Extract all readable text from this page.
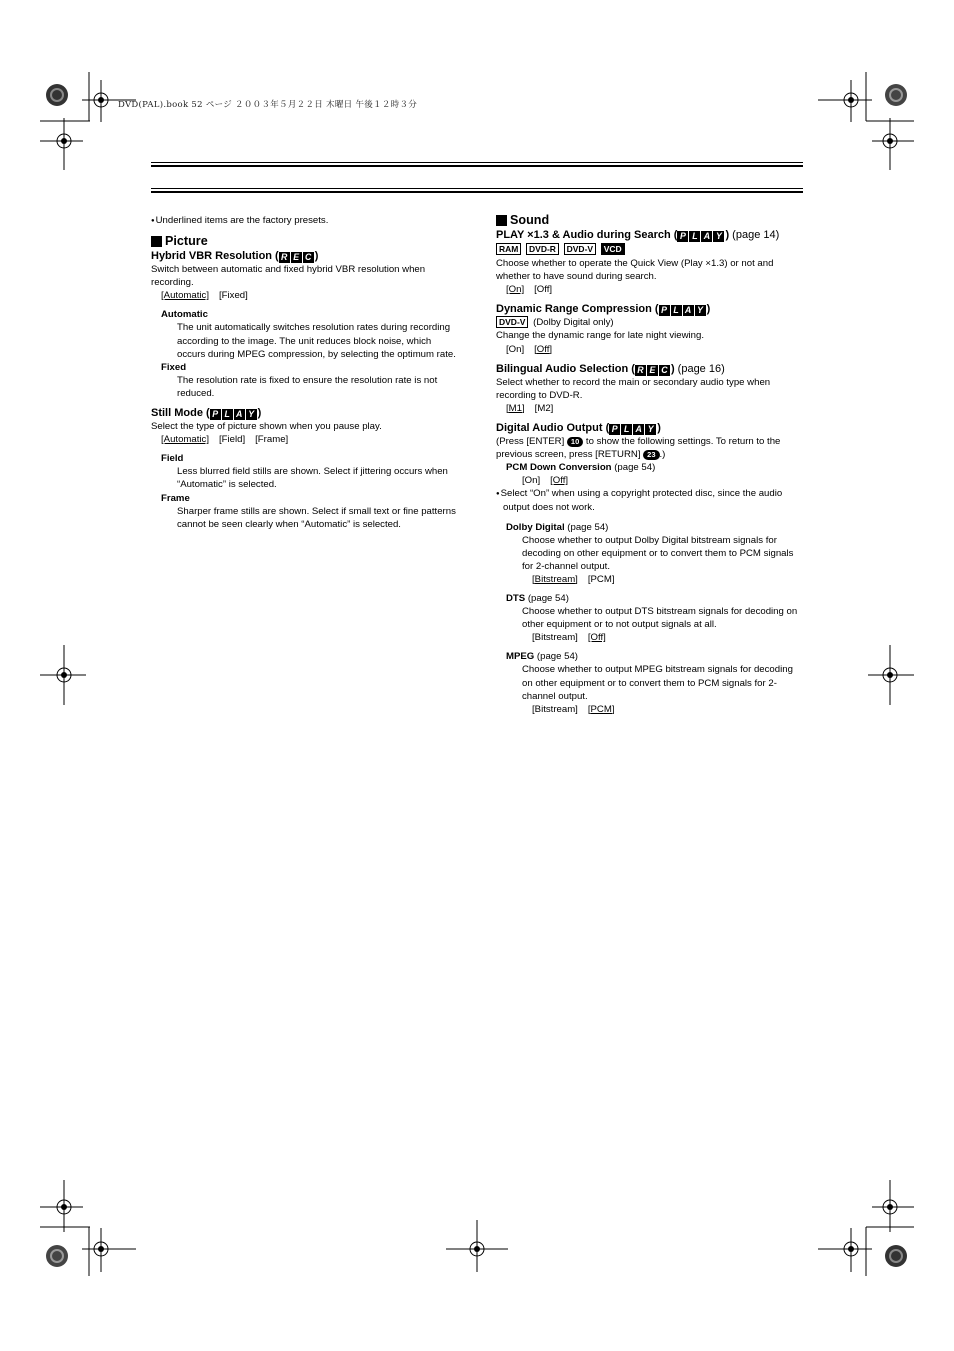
DVD(PAL).book 52 ページ ２００３年５月２２日 木曜日 午後１２時３分
● Underlined items are the factory presets.
Picture
Hybrid VBR Resolution ( R E C )

Switch between automatic and fixed hybrid VBR resolution when recording.

[Automatic] [Fixed]

Automatic

The unit automatically switches resolution rates during recording according to the image. The unit reduces block noise, which occurs during MPEG compression, by selecting the optimum rate.

Fixed

The resolution rate is fixed to ensure the resolution rate is not reduced.

Still Mode ( P L A Y )

Select the type of picture shown when you pause play.

[Automatic] [Field] [Frame]

Field

Less blurred field stills are shown. Select if jittering occurs when “Automatic” is selected.

Frame

Sharper frame stills are shown. Select if small text or fine patterns cannot be seen clearly when “Automatic” is selected.

Sound
PLAY ×1.3 & Audio during Search ( P L A Y ) (page 14)
RAM DVD-R DVD-V VCD

Choose whether to operate the Quick View (Play ×1.3) or not and whether to have sound during search.

[On] [Off]

Dynamic Range Compression ( P L A Y )

DVD-V (Dolby Digital only)

Change the dynamic range for late night viewing.

[On] [Off]

Bilingual Audio Selection ( R E C ) (page 16)

Select whether to record the main or secondary audio type when recording to DVD-R.

[M1] [M2]

Digital Audio Output ( P L A Y )

(Press [ENTER] 10 to show the following settings. To return to the previous screen, press [RETURN] 23 .)

PCM Down Conversion (page 54)

[On] [Off]

● Select “On” when using a copyright protected disc, since the audio output does not work.

Dolby Digital (page 54)

Choose whether to output Dolby Digital bitstream signals for decoding on other equipment or to convert them to PCM signals for 2-channel output.

[Bitstream] [PCM]

DTS (page 54)

Choose whether to output DTS bitstream signals for decoding on other equipment or to not output signals at all.

[Bitstream] [Off]

MPEG (page 54)

Choose whether to output MPEG bitstream signals for decoding on other equipment or to convert them to PCM signals for 2-channel output.

[Bitstream] [PCM]
